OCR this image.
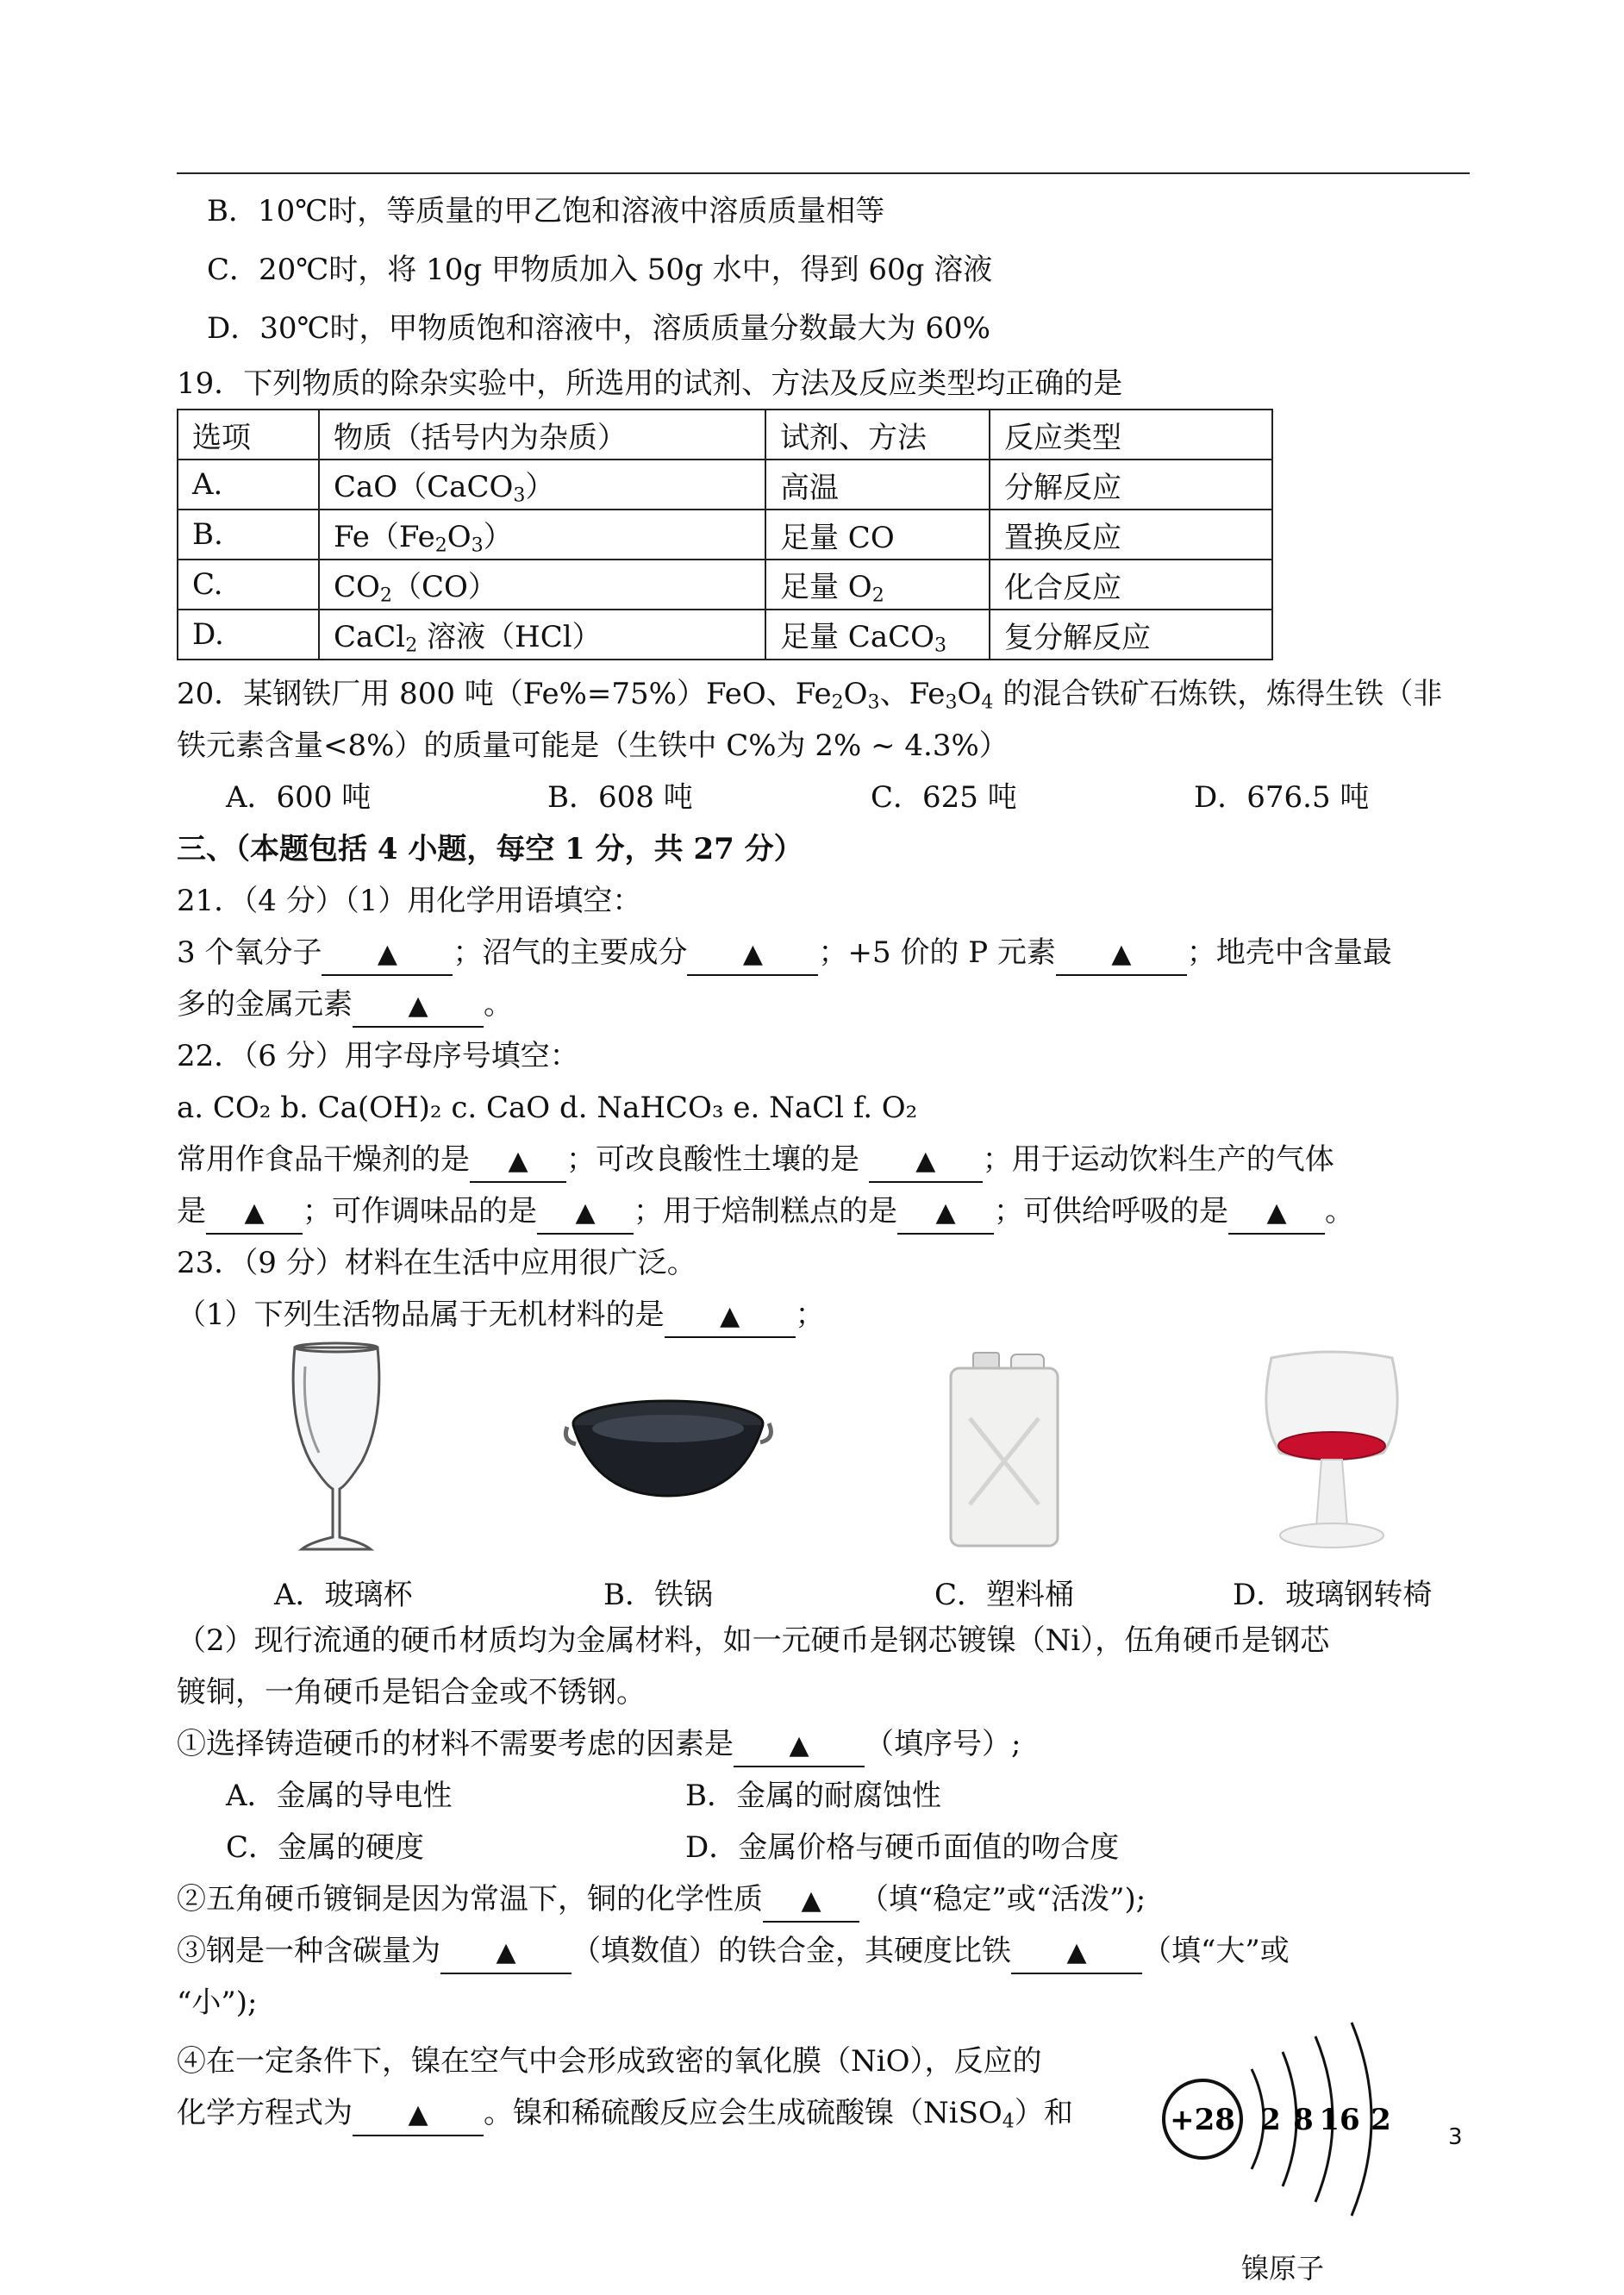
B．10℃时，等质量的甲乙饱和溶液中溶质质量相等
C．20℃时，将 10g 甲物质加入 50g 水中，得到 60g 溶液
D．30℃时，甲物质饱和溶液中，溶质质量分数最大为 60%
19．下列物质的除杂实验中，所选用的试剂、方法及反应类型均正确的是
选项	物质（括号内为杂质）	试剂、方法	反应类型
A.	CaO（CaCO$_3$）	高温	分解反应
B.	$Fe(Fe_2O_3)$	足量 CO	置换反应
C.	$CO_2(CO)$	足量 $O_2$	化合反应
D.	CaCl$_2$ 溶液（HCl）	足量 CaCO$_3$	复分解反应
20．某钢铁厂用 800 吨（Fe%=75%）FeO、$Fe_2O_3$、$Fe_3O_4$ 的混合铁矿石炼铁，炼得生铁（非
铁元素含量<8%）的质量可能是（生铁中 C%为 2% ~ 4.3%）
A．600 吨	B．608 吨	C．625 吨	D．676.5 吨
三、（本题包括 4 小题，每空 1 分，共 27 分）
21．（4 分）（1）用化学用语填空：
3 个氧分子 ▲ ；沼气的主要成分 ▲ ；+5 价的 P 元素 ▲ ；地壳中含量最
多的金属元素 ▲ 。
22．（6 分）用字母序号填空：
a. CO₂ b. Ca(OH)₂ c. CaO d. NaHCO₃ e. NaCl f. O₂
常用作食品干燥剂的是 ▲ ；可改良酸性土壤的是 ▲ ；用于运动饮料生产的气体
是 ▲ ；可作调味品的是 ▲ ；用于焙制糕点的是 ▲ ；可供给呼吸的是 ▲ 。
23．（9 分）材料在生活中应用很广泛。
（1）下列生活物品属于无机材料的是 ▲ ；
A．玻璃杯	B．铁锅	C．塑料桶	D．玻璃钢转椅
（2）现行流通的硬币材质均为金属材料，如一元硬币是钢芯镀镍（Ni），伍角硬币是钢芯
镀铜，一角硬币是铝合金或不锈钢。
①选择铸造硬币的材料不需要考虑的因素是 ▲ （填序号）;
A．金属的导电性	B．金属的耐腐蚀性
C．金属的硬度	D．金属价格与硬币面值的吻合度
②五角硬币镀铜是因为常温下，铜的化学性质 ▲ （填“稳定”或“活泼”);
③钢是一种含碳量为 ▲ （填数值）的铁合金，其硬度比铁 ▲ （填“大”或
“小”);
④在一定条件下，镍在空气中会形成致密的氧化膜（NiO），反应的
化学方程式为 ▲ 。镍和稀硫酸反应会生成硫酸镍（NiSO$_4$）和	+28 2 8 16 2
镍原子
3
